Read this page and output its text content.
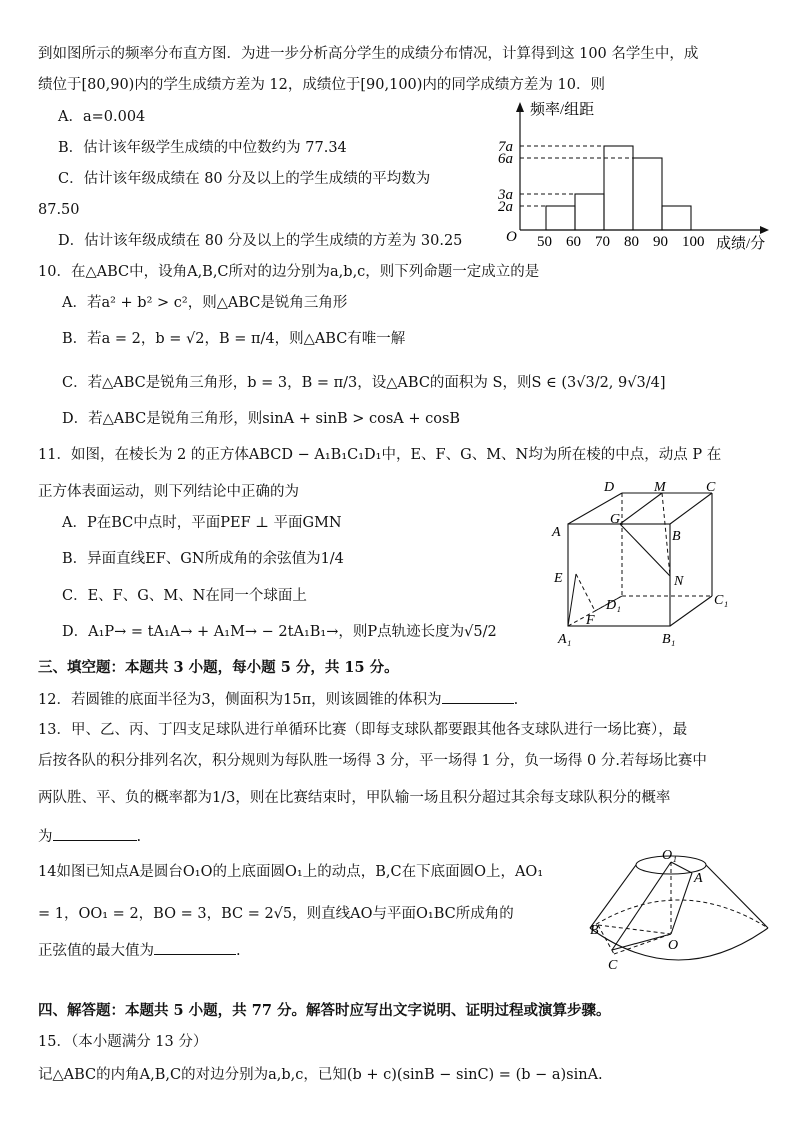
到如图所示的频率分布直方图．为进一步分析高分学生的成绩分布情况，计算得到这 100 名学生中，成
绩位于[80,90)内的学生成绩方差为 12，成绩位于[90,100)内的同学成绩方差为 10．则
A．a=0.004
B．估计该年级学生成绩的中位数约为 77.34
C．估计该年级成绩在 80 分及以上的学生成绩的平均数为
87.50
D．估计该年级成绩在 80 分及以上的学生成绩的方差为 30.25
频率/组距
成绩/分
O 50 60 70 80 90 100
2a
3a
6a
7a
10．在△ABC中，设角A,B,C所对的边分别为a,b,c，则下列命题一定成立的是
A．若a² + b² > c²，则△ABC是锐角三角形
B．若a = 2，b = √2，B = π/4，则△ABC有唯一解
C．若△ABC是锐角三角形，b = 3，B = π/3，设△ABC的面积为 S，则S ∈ (3√3/2, 9√3/4]
D．若△ABC是锐角三角形，则sinA + sinB > cosA + cosB
11．如图，在棱长为 2 的正方体ABCD − A₁B₁C₁D₁中，E、F、G、M、N均为所在棱的中点，动点 P 在
正方体表面运动，则下列结论中正确的为
A．P在BC中点时，平面PEF ⊥ 平面GMN
B．异面直线EF、GN所成角的余弦值为1/4
C．E、F、G、M、N在同一个球面上
D．A₁P→ = tA₁A→ + A₁M→ − 2tA₁B₁→，则P点轨迹长度为√5/2
D	M	C
A
G
B
E	N
D₁	C₁
F
A₁	B₁
三、填空题：本题共 3 小题，每小题 5 分，共 15 分。
12．若圆锥的底面半径为3，侧面积为15π，则该圆锥的体积为	.
13．甲、乙、丙、丁四支足球队进行单循环比赛（即每支球队都要跟其他各支球队进行一场比赛），最
后按各队的积分排列名次，积分规则为每队胜一场得 3 分，平一场得 1 分，负一场得 0 分.若每场比赛中
两队胜、平、负的概率都为1/3，则在比赛结束时，甲队输一场且积分超过其余每支球队积分的概率
为	.
14如图已知点A是圆台O₁O的上底面圆O₁上的动点，B,C在下底面圆O上，AO₁
= 1，OO₁ = 2，BO = 3，BC = 2√5，则直线AO与平面O₁BC所成角的
正弦值的最大值为	.
O₁
A
B
O
C
四、解答题：本题共 5 小题，共 77 分。解答时应写出文字说明、证明过程或演算步骤。
15．（本小题满分 13 分）
记△ABC的内角A,B,C的对边分别为a,b,c，已知(b + c)(sinB − sinC) = (b − a)sinA.
